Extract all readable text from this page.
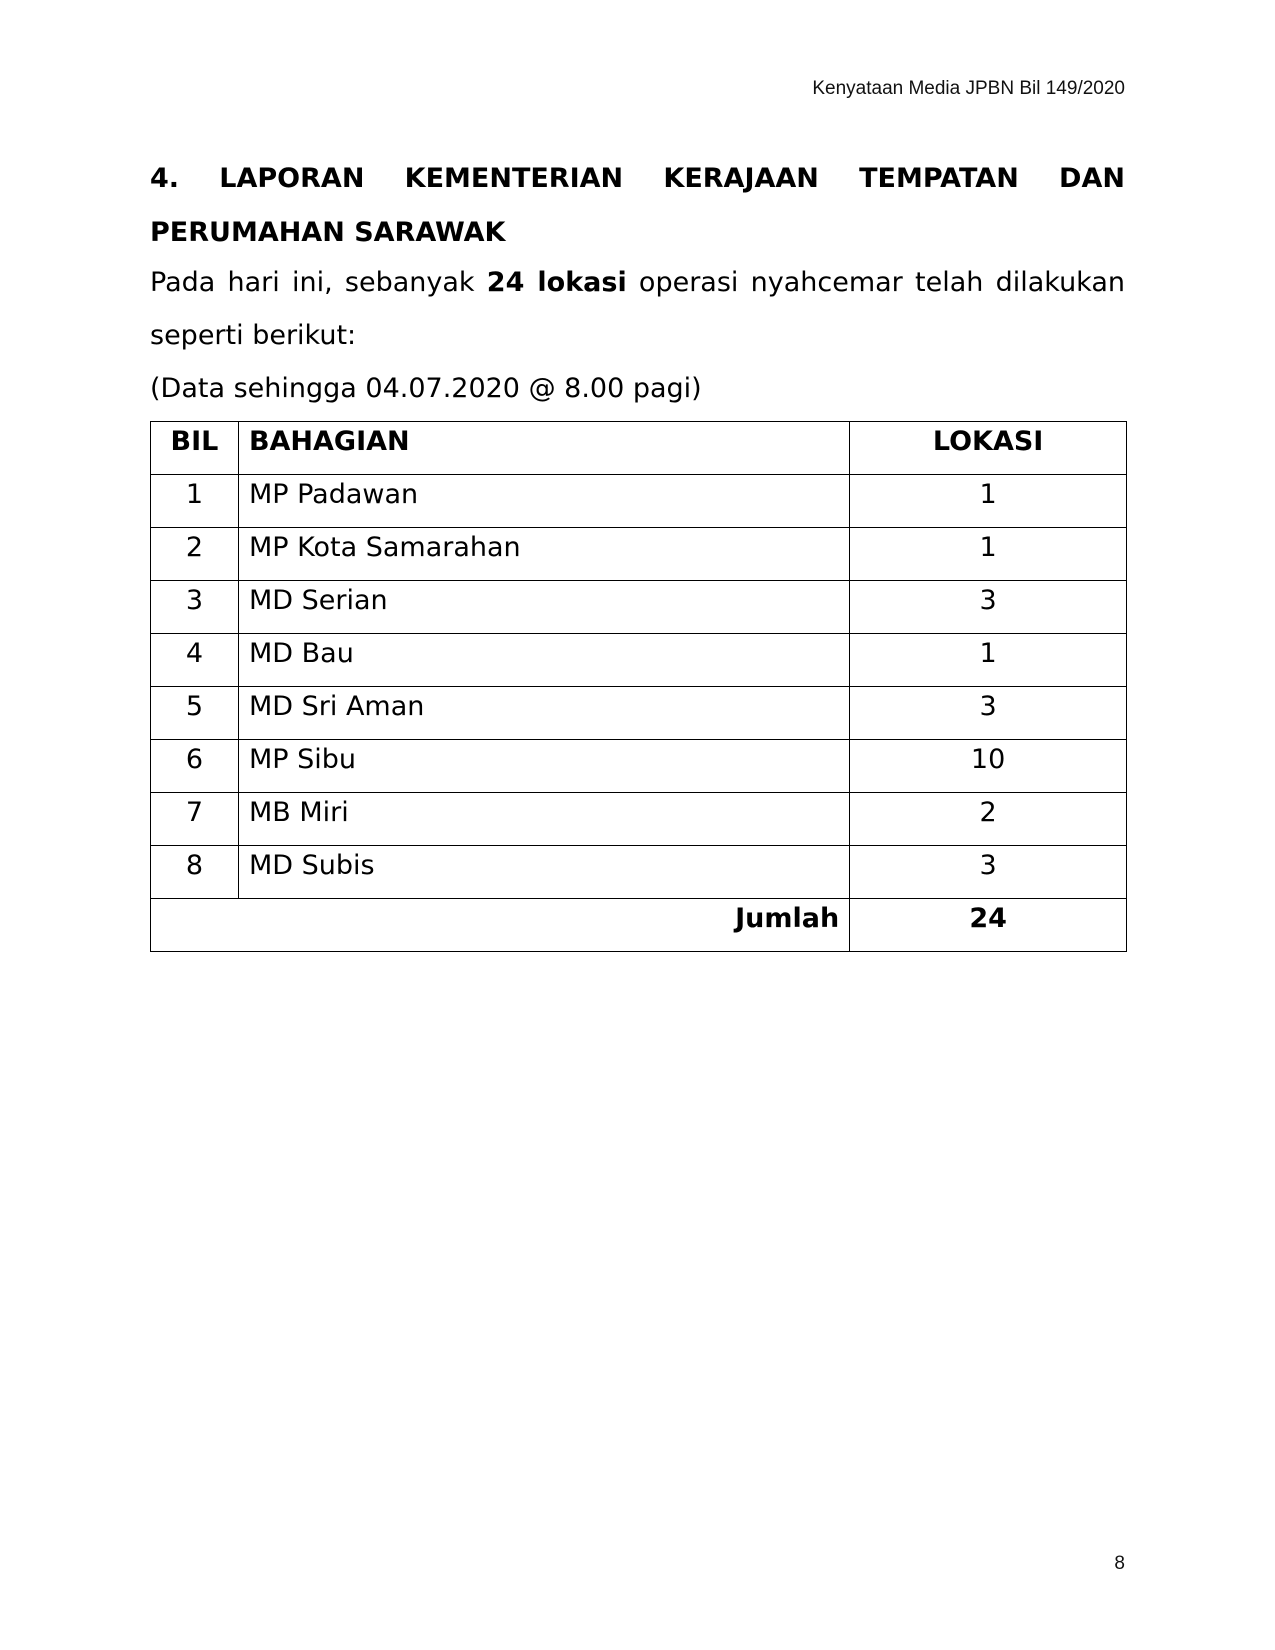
Kenyataan Media JPBN Bil 149/2020
4. LAPORAN KEMENTERIAN KERAJAAN TEMPATAN DAN
PERUMAHAN SARAWAK

Pada hari ini, sebanyak 24 lokasi operasi nyahcemar telah dilakukan seperti berikut:

(Data sehingga 04.07.2020 @ 8.00 pagi)

BIL	BAHAGIAN	LOKASI
1	MP Padawan	1
2	MP Kota Samarahan	1
3	MD Serian	3
4	MD Bau	1
5	MD Sri Aman	3
6	MP Sibu	10
7	MB Miri	2
8	MD Subis	3
Jumlah		24
8
